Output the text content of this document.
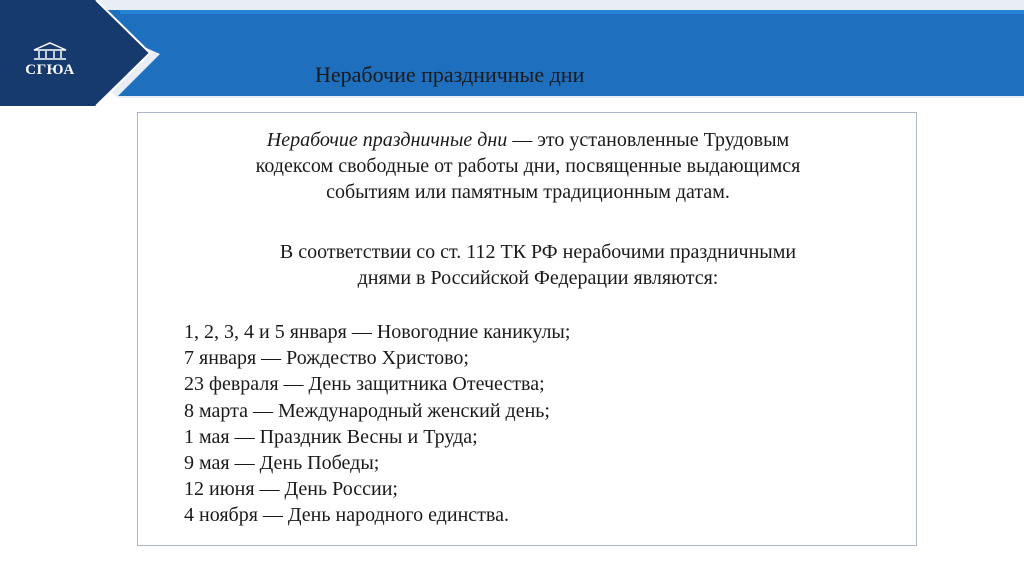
СГЮА	Нерабочие праздничные дни

Нерабочие праздничные дни — это установленные Трудовым
кодексом свободные от работы дни, посвященные выдающимся
событиям или памятным традиционным датам.

В соответствии со ст. 112 ТК РФ нерабочими праздничными
днями в Российской Федерации являются:

1, 2, 3, 4 и 5 января — Новогодние каникулы;
7 января — Рождество Христово;
23 февраля — День защитника Отечества;
8 марта — Международный женский день;
1 мая — Праздник Весны и Труда;
9 мая — День Победы;
12 июня — День России;
4 ноября — День народного единства.
